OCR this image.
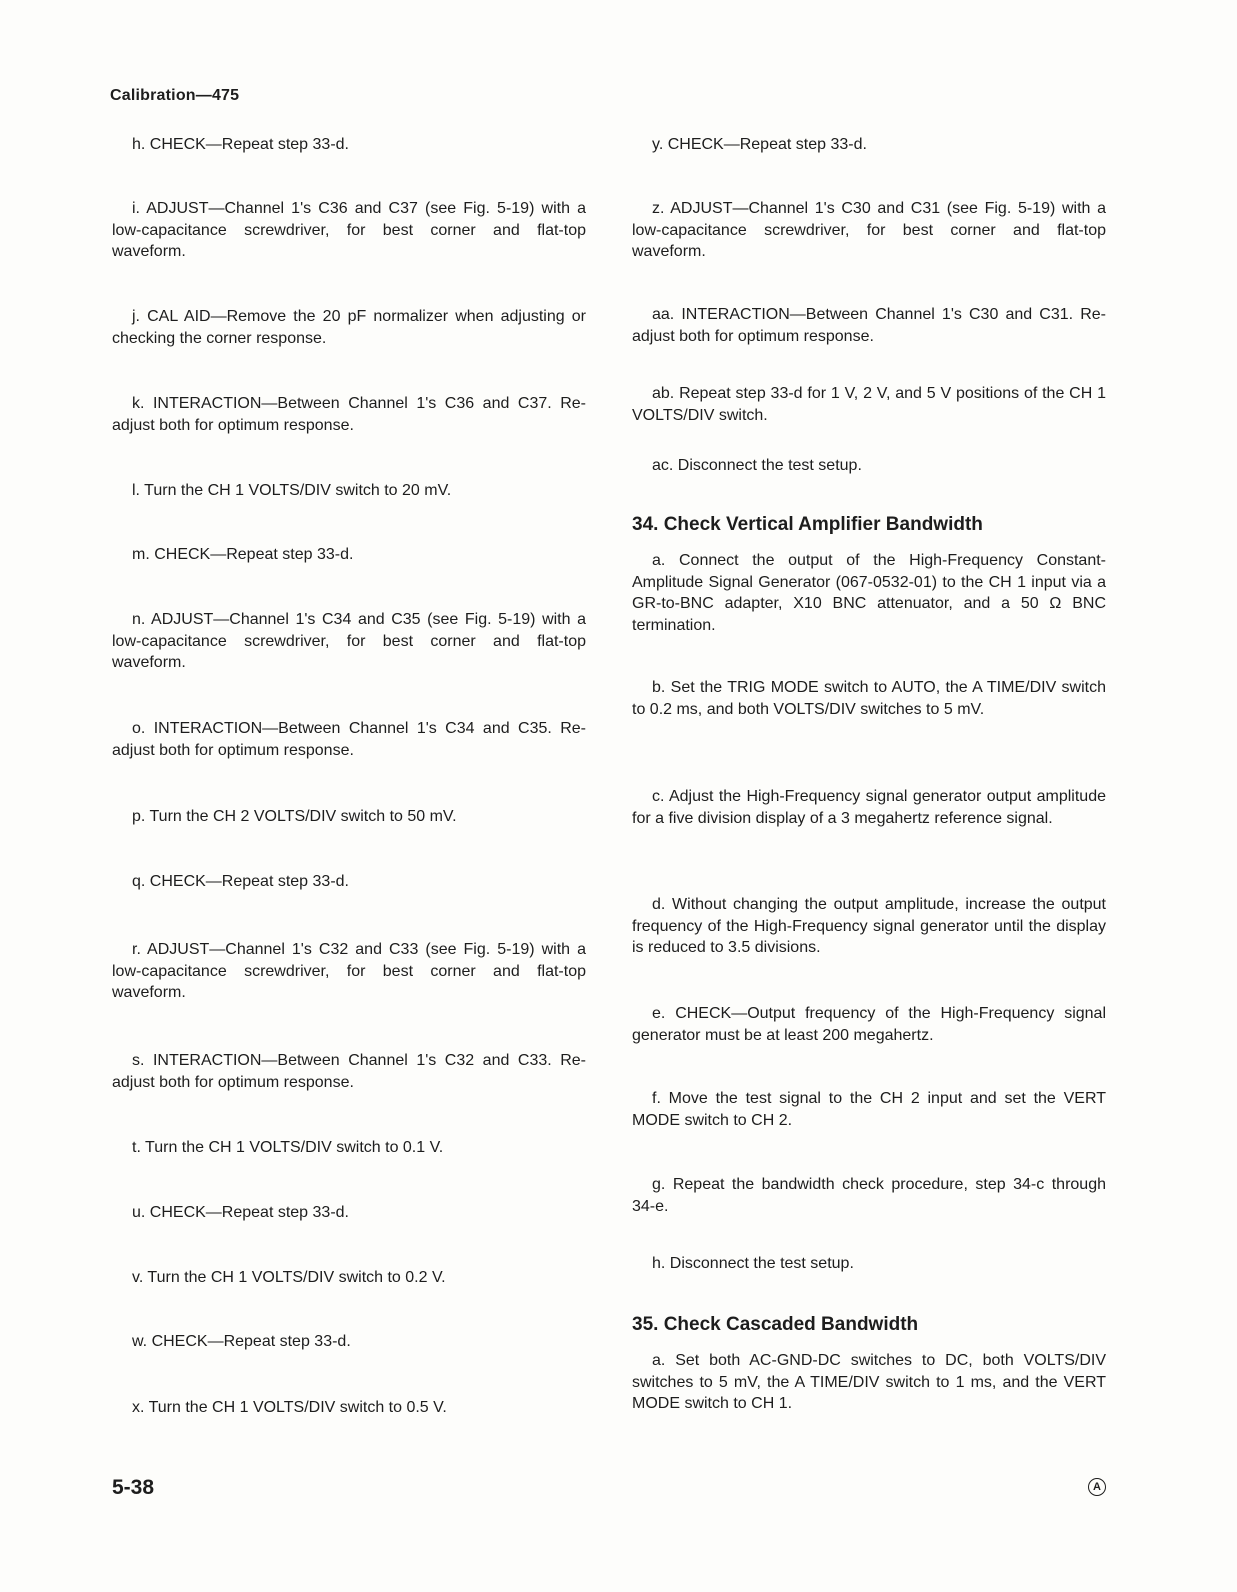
Calibration—475
h. CHECK—Repeat step 33-d.
i. ADJUST—Channel 1's C36 and C37 (see Fig. 5-19) with a low-capacitance screwdriver, for best corner and flat-top waveform.
j. CAL AID—Remove the 20 pF normalizer when adjusting or checking the corner response.
k. INTERACTION—Between Channel 1's C36 and C37. Re-adjust both for optimum response.
l. Turn the CH 1 VOLTS/DIV switch to 20 mV.
m. CHECK—Repeat step 33-d.
n. ADJUST—Channel 1's C34 and C35 (see Fig. 5-19) with a low-capacitance screwdriver, for best corner and flat-top waveform.
o. INTERACTION—Between Channel 1's C34 and C35. Re-adjust both for optimum response.
p. Turn the CH 2 VOLTS/DIV switch to 50 mV.
q. CHECK—Repeat step 33-d.
r. ADJUST—Channel 1's C32 and C33 (see Fig. 5-19) with a low-capacitance screwdriver, for best corner and flat-top waveform.
s. INTERACTION—Between Channel 1's C32 and C33. Re-adjust both for optimum response.
t. Turn the CH 1 VOLTS/DIV switch to 0.1 V.
u. CHECK—Repeat step 33-d.
v. Turn the CH 1 VOLTS/DIV switch to 0.2 V.
w. CHECK—Repeat step 33-d.
x. Turn the CH 1 VOLTS/DIV switch to 0.5 V.
y. CHECK—Repeat step 33-d.
z. ADJUST—Channel 1's C30 and C31 (see Fig. 5-19) with a low-capacitance screwdriver, for best corner and flat-top waveform.
aa. INTERACTION—Between Channel 1's C30 and C31. Re-adjust both for optimum response.
ab. Repeat step 33-d for 1 V, 2 V, and 5 V positions of the CH 1 VOLTS/DIV switch.
ac. Disconnect the test setup.
34. Check Vertical Amplifier Bandwidth
a. Connect the output of the High-Frequency Constant-Amplitude Signal Generator (067-0532-01) to the CH 1 input via a GR-to-BNC adapter, X10 BNC attenuator, and a 50 Ω BNC termination.
b. Set the TRIG MODE switch to AUTO, the A TIME/DIV switch to 0.2 ms, and both VOLTS/DIV switches to 5 mV.
c. Adjust the High-Frequency signal generator output amplitude for a five division display of a 3 megahertz reference signal.
d. Without changing the output amplitude, increase the output frequency of the High-Frequency signal generator until the display is reduced to 3.5 divisions.
e. CHECK—Output frequency of the High-Frequency signal generator must be at least 200 megahertz.
f. Move the test signal to the CH 2 input and set the VERT MODE switch to CH 2.
g. Repeat the bandwidth check procedure, step 34-c through 34-e.
h. Disconnect the test setup.
35. Check Cascaded Bandwidth
a. Set both AC-GND-DC switches to DC, both VOLTS/DIV switches to 5 mV, the A TIME/DIV switch to 1 ms, and the VERT MODE switch to CH 1.
5-38	A
